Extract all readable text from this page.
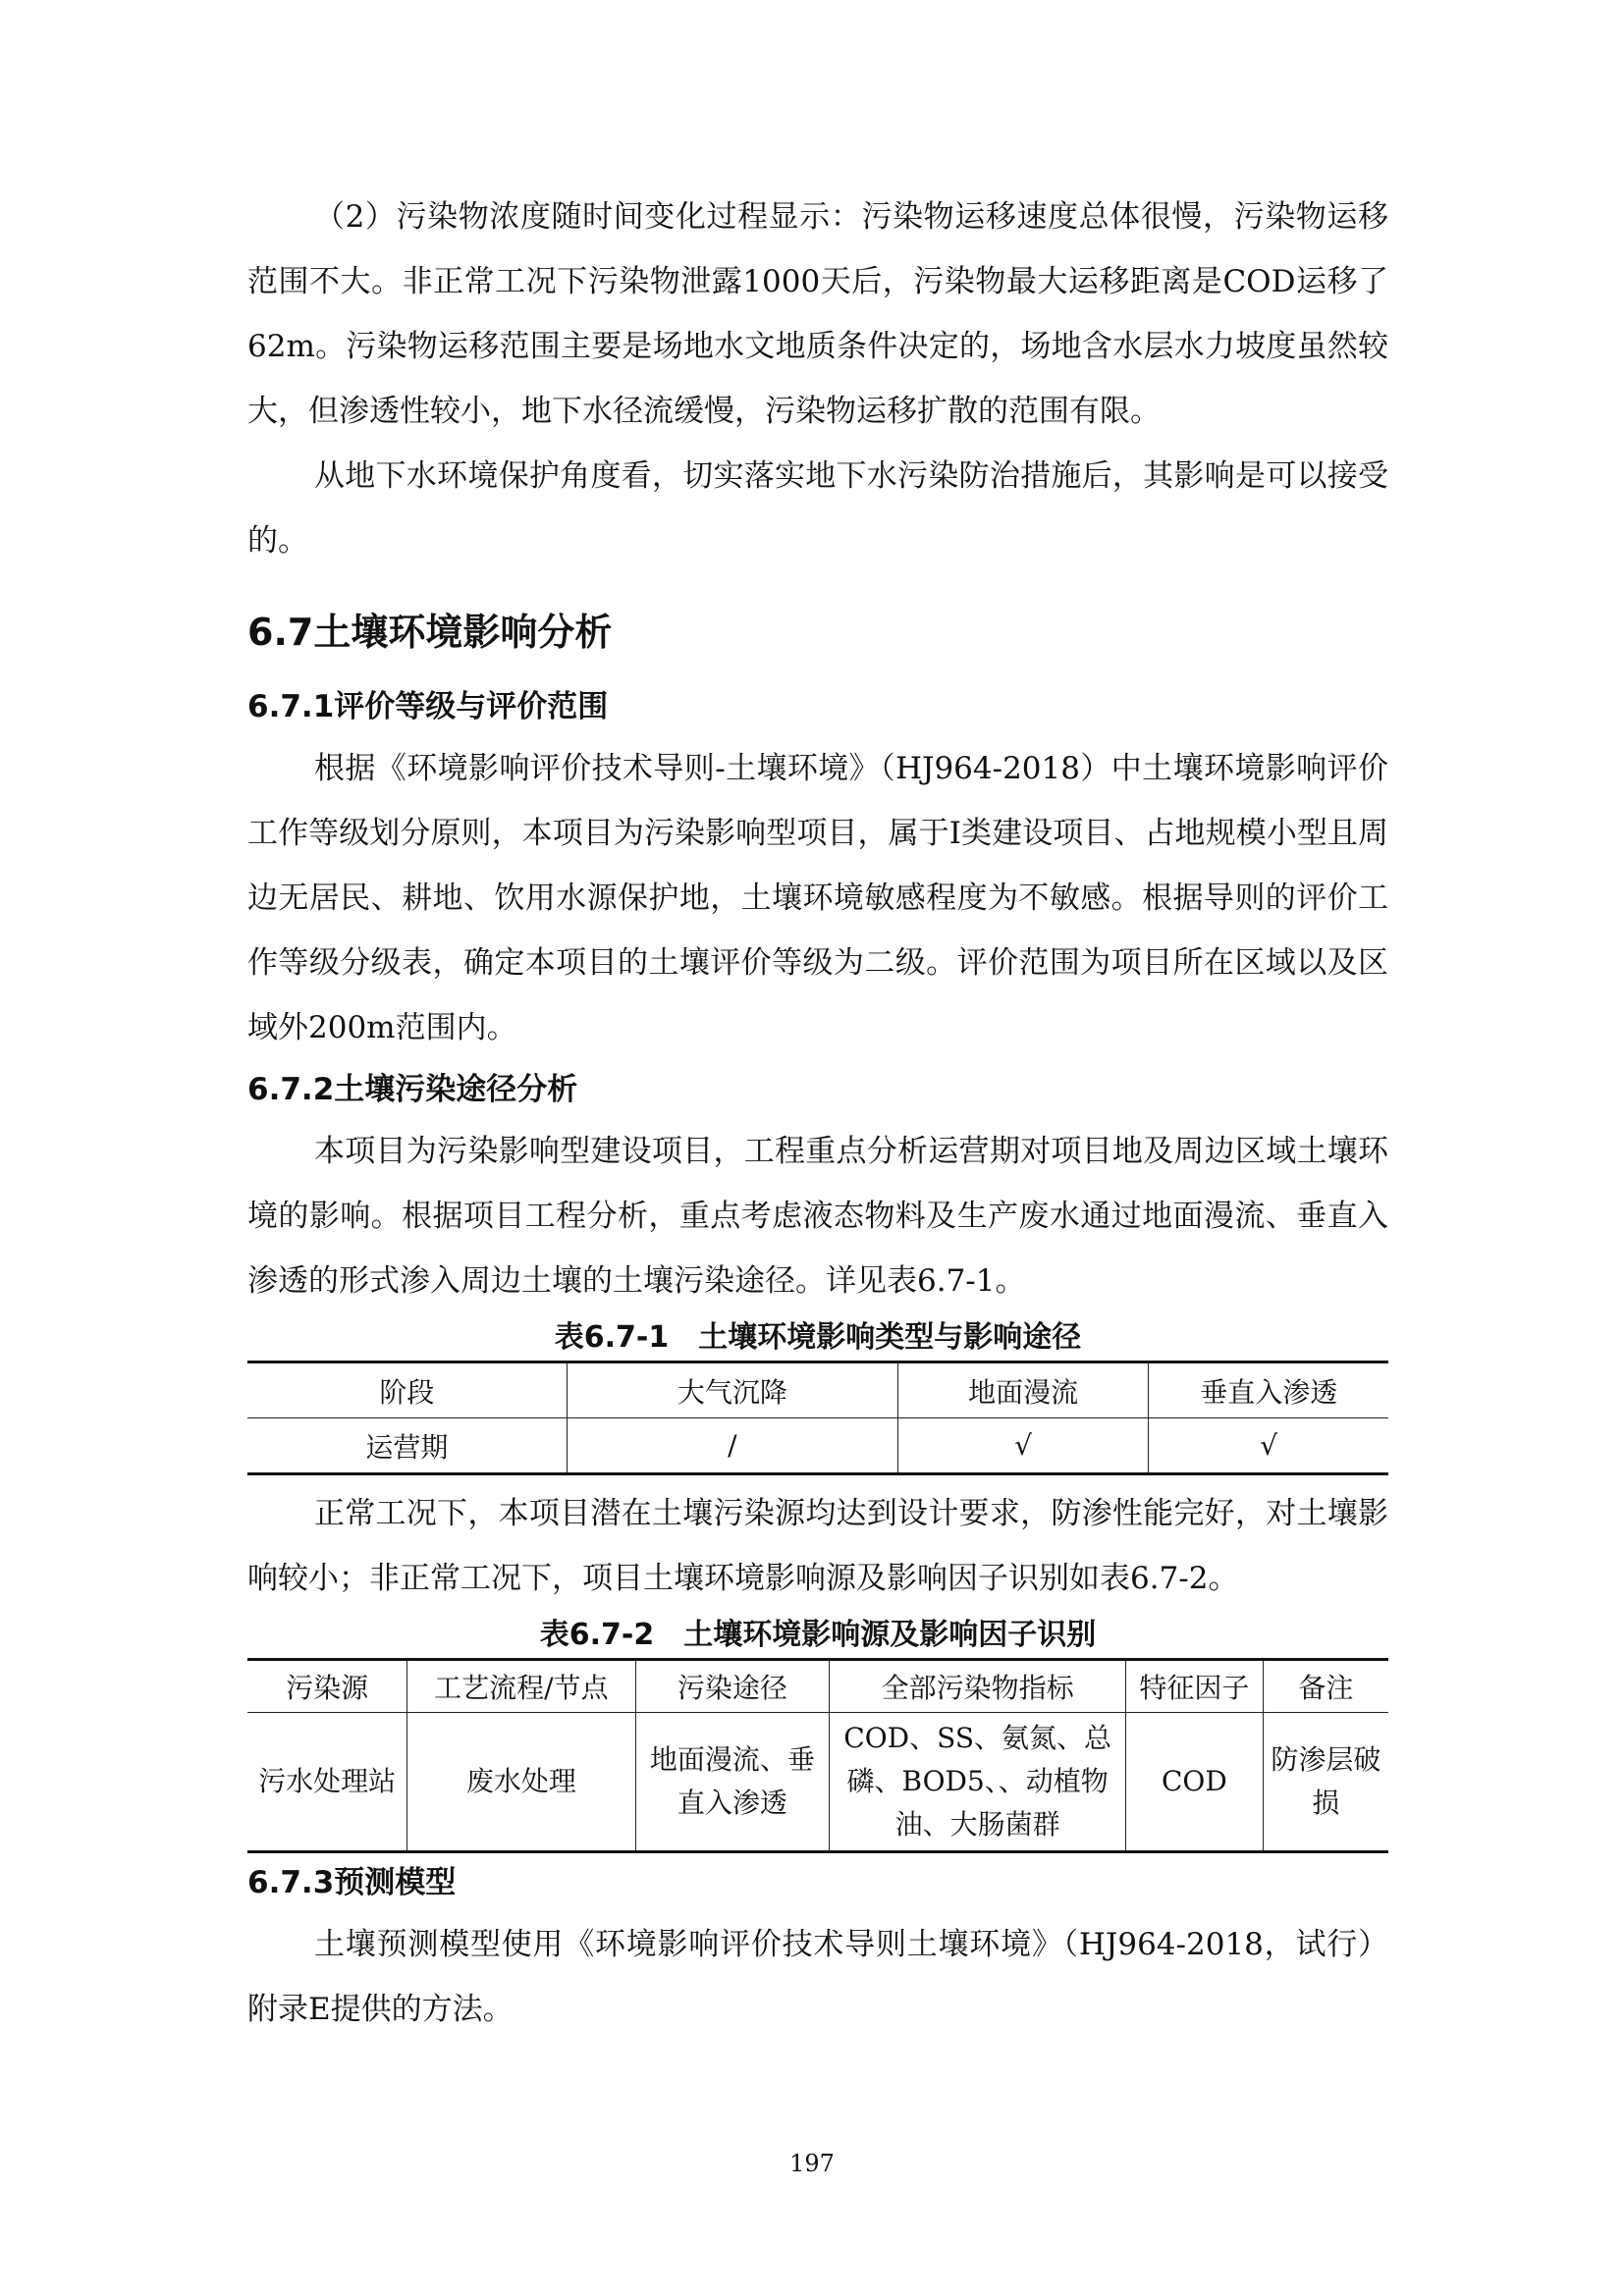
（2）污染物浓度随时间变化过程显示：污染物运移速度总体很慢，污染物运移范围不大。非正常工况下污染物泄露1000天后，污染物最大运移距离是COD运移了62m。污染物运移范围主要是场地水文地质条件决定的，场地含水层水力坡度虽然较大，但渗透性较小，地下水径流缓慢，污染物运移扩散的范围有限。

从地下水环境保护角度看，切实落实地下水污染防治措施后，其影响是可以接受的。

6.7土壤环境影响分析
6.7.1评价等级与评价范围

根据《环境影响评价技术导则-土壤环境》（HJ964-2018）中土壤环境影响评价工作等级划分原则，本项目为污染影响型项目，属于I类建设项目、占地规模小型且周边无居民、耕地、饮用水源保护地，土壤环境敏感程度为不敏感。根据导则的评价工作等级分级表，确定本项目的土壤评价等级为二级。评价范围为项目所在区域以及区域外200m范围内。

6.7.2土壤污染途径分析

本项目为污染影响型建设项目，工程重点分析运营期对项目地及周边区域土壤环境的影响。根据项目工程分析，重点考虑液态物料及生产废水通过地面漫流、垂直入渗透的形式渗入周边土壤的土壤污染途径。详见表6.7-1。

表6.7-1　土壤环境影响类型与影响途径
阶段	大气沉降	地面漫流	垂直入渗透
运营期	/	√	√

正常工况下，本项目潜在土壤污染源均达到设计要求，防渗性能完好，对土壤影响较小；非正常工况下，项目土壤环境影响源及影响因子识别如表6.7-2。

表6.7-2　土壤环境影响源及影响因子识别
污染源	工艺流程/节点	污染途径	全部污染物指标	特征因子	备注
污水处理站	废水处理	地面漫流、垂直入渗透	COD、SS、氨氮、总磷、BOD5、、动植物油、大肠菌群	COD	防渗层破损
6.7.3预测模型

土壤预测模型使用《环境影响评价技术导则土壤环境》（HJ964-2018，试行）附录E提供的方法。

197
